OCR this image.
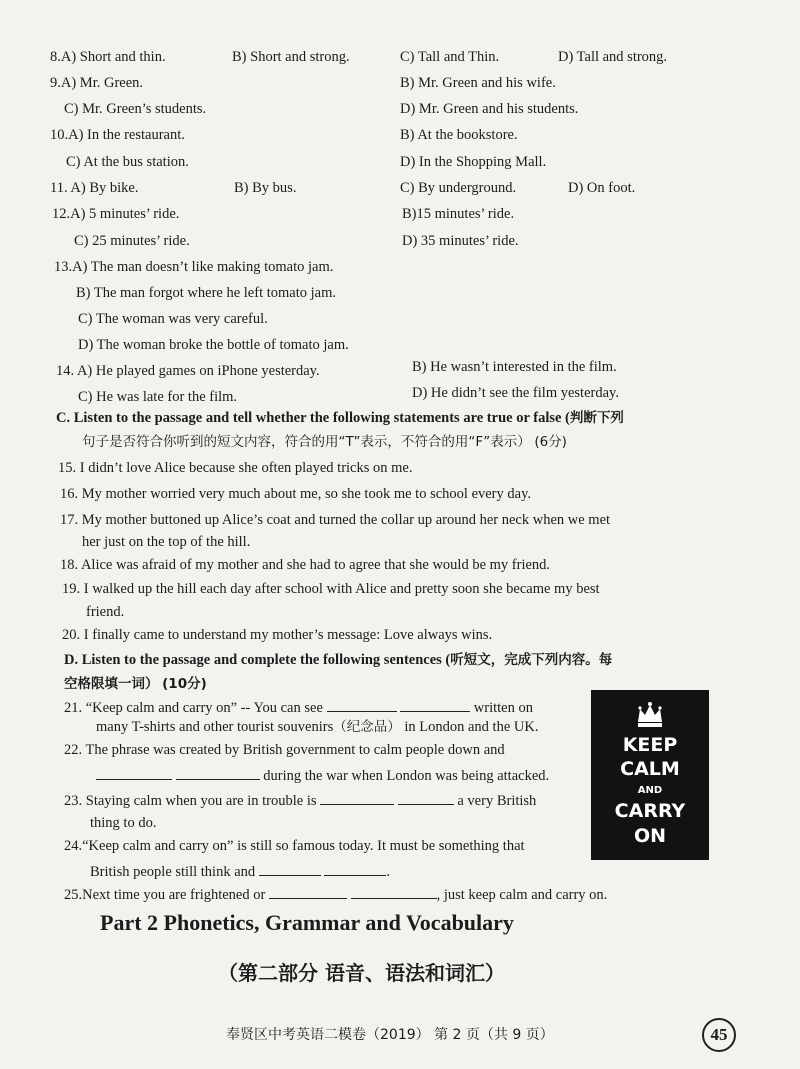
8.A) Short and thin.	B) Short and strong.	C) Tall and Thin.	D) Tall and strong.
9.A) Mr. Green.	B) Mr. Green and his wife.
C) Mr. Green’s students.	D) Mr. Green and his students.
10.A) In the restaurant.	B) At the bookstore.
C) At the bus station.	D) In the Shopping Mall.
11. A) By bike.	B) By bus.	C) By underground.	D) On foot.
12.A) 5 minutes’ ride.	B)15 minutes’ ride.
C) 25 minutes’ ride.	D) 35 minutes’ ride.
13.A) The man doesn’t like making tomato jam.
B) The man forgot where he left tomato jam.
C) The woman was very careful.
D) The woman broke the bottle of tomato jam.
14. A) He played games on iPhone yesterday.	B) He wasn’t interested in the film.
C) He was late for the film.	D) He didn’t see the film yesterday.
C. Listen to the passage and tell whether the following statements are true or false (判断下列
句子是否符合你听到的短文内容，符合的用“T”表示，不符合的用“F”表示） (6分)
15. I didn’t love Alice because she often played tricks on me.
16. My mother worried very much about me, so she took me to school every day.
17. My mother buttoned up Alice’s coat and turned the collar up around her neck when we met
her just on the top of the hill.
18. Alice was afraid of my mother and she had to agree that she would be my friend.
19. I walked up the hill each day after school with Alice and pretty soon she became my best
friend.
20. I finally came to understand my mother’s message: Love always wins.
D. Listen to the passage and complete the following sentences (听短文，完成下列内容。每
空格限填一词） (10分)
21. “Keep calm and carry on” -- You can see	written on
many T-shirts and other tourist souvenirs（纪念品） in London and the UK.
22. The phrase was created by British government to calm people down and
during the war when London was being attacked.
23. Staying calm when you are in trouble is	a very British
thing to do.
24.“Keep calm and carry on” is still so famous today. It must be something that
British people still think and	.
25.Next time you are frightened or	, just keep calm and carry on.
KEEP
CALM
AND
CARRY
ON
Part 2 Phonetics, Grammar and Vocabulary
（第二部分 语音、语法和词汇）
奉贤区中考英语二模卷（2019） 第 2 页（共 9 页）	45
